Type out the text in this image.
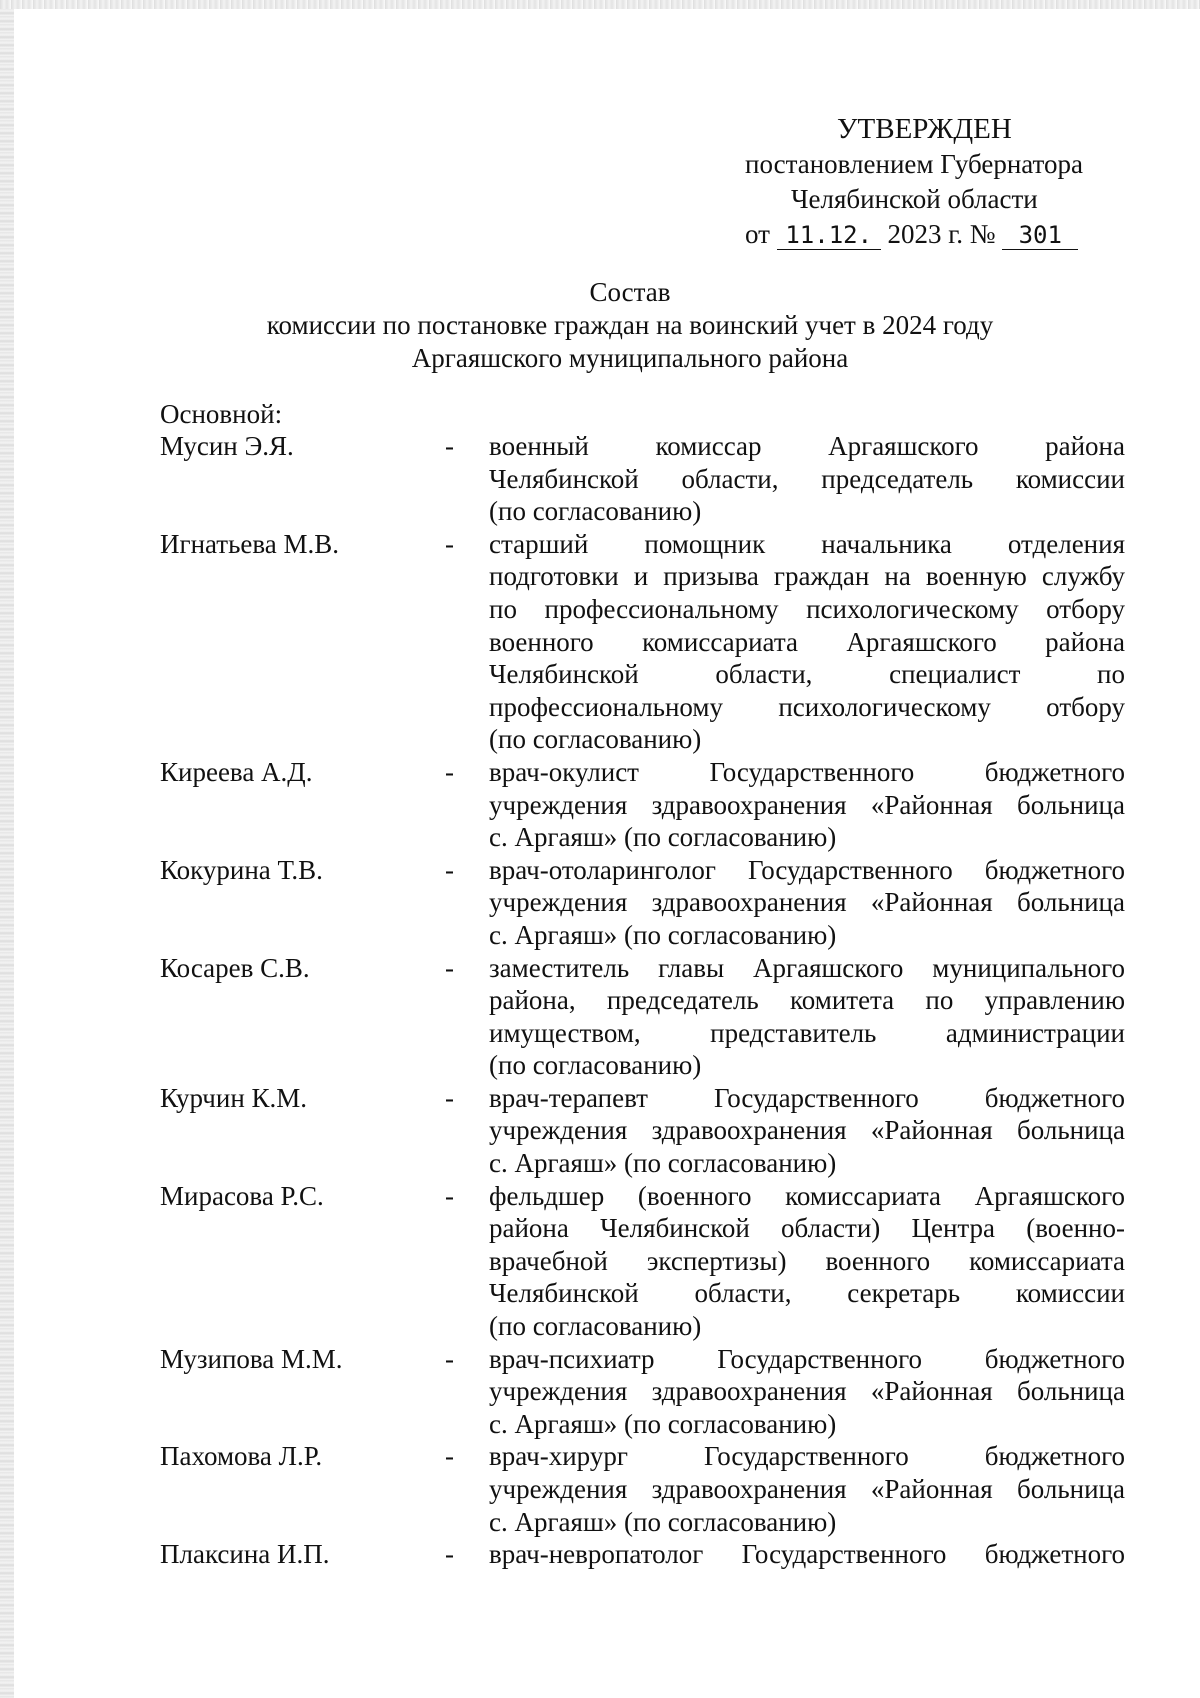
УТВЕРЖДЕН
постановлением Губернатора
Челябинской области
от 11.12. 2023 г. № 301
Состав
комиссии по постановке граждан на воинский учет в 2024 году
Аргаяшского муниципального района
Основной:
Мусин Э.Я.	-	военный комиссар Аргаяшского района
Челябинской области, председатель комиссии
(по согласованию)
Игнатьева М.В.	-	старший помощник начальника отделения
подготовки и призыва граждан на военную службу
по профессиональному психологическому отбору
военного комиссариата Аргаяшского района
Челябинской области, специалист по
профессиональному психологическому отбору
(по согласованию)
Киреева А.Д.	-	врач-окулист Государственного бюджетного
учреждения здравоохранения «Районная больница
с. Аргаяш» (по согласованию)
Кокурина Т.В.	-	врач-отоларинголог Государственного бюджетного
учреждения здравоохранения «Районная больница
с. Аргаяш» (по согласованию)
Косарев С.В.	-	заместитель главы Аргаяшского муниципального
района, председатель комитета по управлению
имуществом, представитель администрации
(по согласованию)
Курчин К.М.	-	врач-терапевт Государственного бюджетного
учреждения здравоохранения «Районная больница
с. Аргаяш» (по согласованию)
Мирасова Р.С.	-	фельдшер (военного комиссариата Аргаяшского
района Челябинской области) Центра (военно-
врачебной экспертизы) военного комиссариата
Челябинской области, секретарь комиссии
(по согласованию)
Музипова М.М.	-	врач-психиатр Государственного бюджетного
учреждения здравоохранения «Районная больница
с. Аргаяш» (по согласованию)
Пахомова Л.Р.	-	врач-хирург Государственного бюджетного
учреждения здравоохранения «Районная больница
с. Аргаяш» (по согласованию)
Плаксина И.П.	-	врач-невропатолог Государственного бюджетного
